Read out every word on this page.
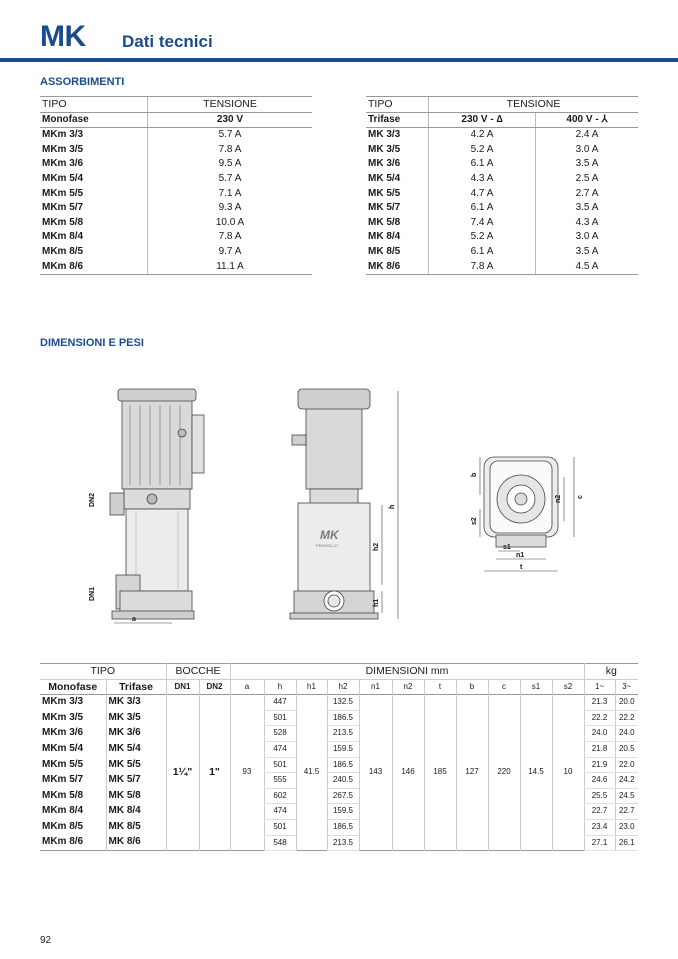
MK Dati tecnici
ASSORBIMENTI
TIPO	TENSIONE
Monofase	230 V
MKm 3/3	5.7 A
MKm 3/5	7.8 A
MKm 3/6	9.5 A
MKm 5/4	5.7 A
MKm 5/5	7.1 A
MKm 5/7	9.3 A
MKm 5/8	10.0 A
MKm 8/4	7.8 A
MKm 8/5	9.7 A
MKm 8/6	11.1 A
TIPO	TENSIONE	
Trifase	230 V - ∆	400 V - ⅄
MK 3/3	4.2 A	2.4 A
MK 3/5	5.2 A	3.0 A
MK 3/6	6.1 A	3.5 A
MK 5/4	4.3 A	2.5 A
MK 5/5	4.7 A	2.7 A
MK 5/7	6.1 A	3.5 A
MK 5/8	7.4 A	4.3 A
MK 8/4	5.2 A	3.0 A
MK 8/5	6.1 A	3.5 A
MK 8/6	7.8 A	4.5 A
DIMENSIONI E PESI
DN2
DN1
a
h
h2
h1
b
s2
n2 c
s1
n1
t
MK
PEDROLLO
TIPO		BOCCHE		DIMENSIONI mm											kg	
Monofase	Trifase	DN1	DN2	a	h	h1	h2	n1	n2	t	b	c	s1	s2	1~	3~
MKm 3/3	MK 3/3	1¼"	1"	93	447	41.5	132.5	143	146	185	127	220	14.5	10	21.3	20.0
MKm 3/5	MK 3/5				501		186.5								22.2	22.2
MKm 3/6	MK 3/6				528		213.5								24.0	24.0
MKm 5/4	MK 5/4				474		159.5								21.8	20.5
MKm 5/5	MK 5/5				501		186.5								21.9	22.0
MKm 5/7	MK 5/7				555		240.5								24.6	24.2
MKm 5/8	MK 5/8				602		267.5								25.5	24.5
MKm 8/4	MK 8/4				474		159.5								22.7	22.7
MKm 8/5	MK 8/5				501		186.5								23.4	23.0
MKm 8/6	MK 8/6				548		213.5								27.1	26.1

92
